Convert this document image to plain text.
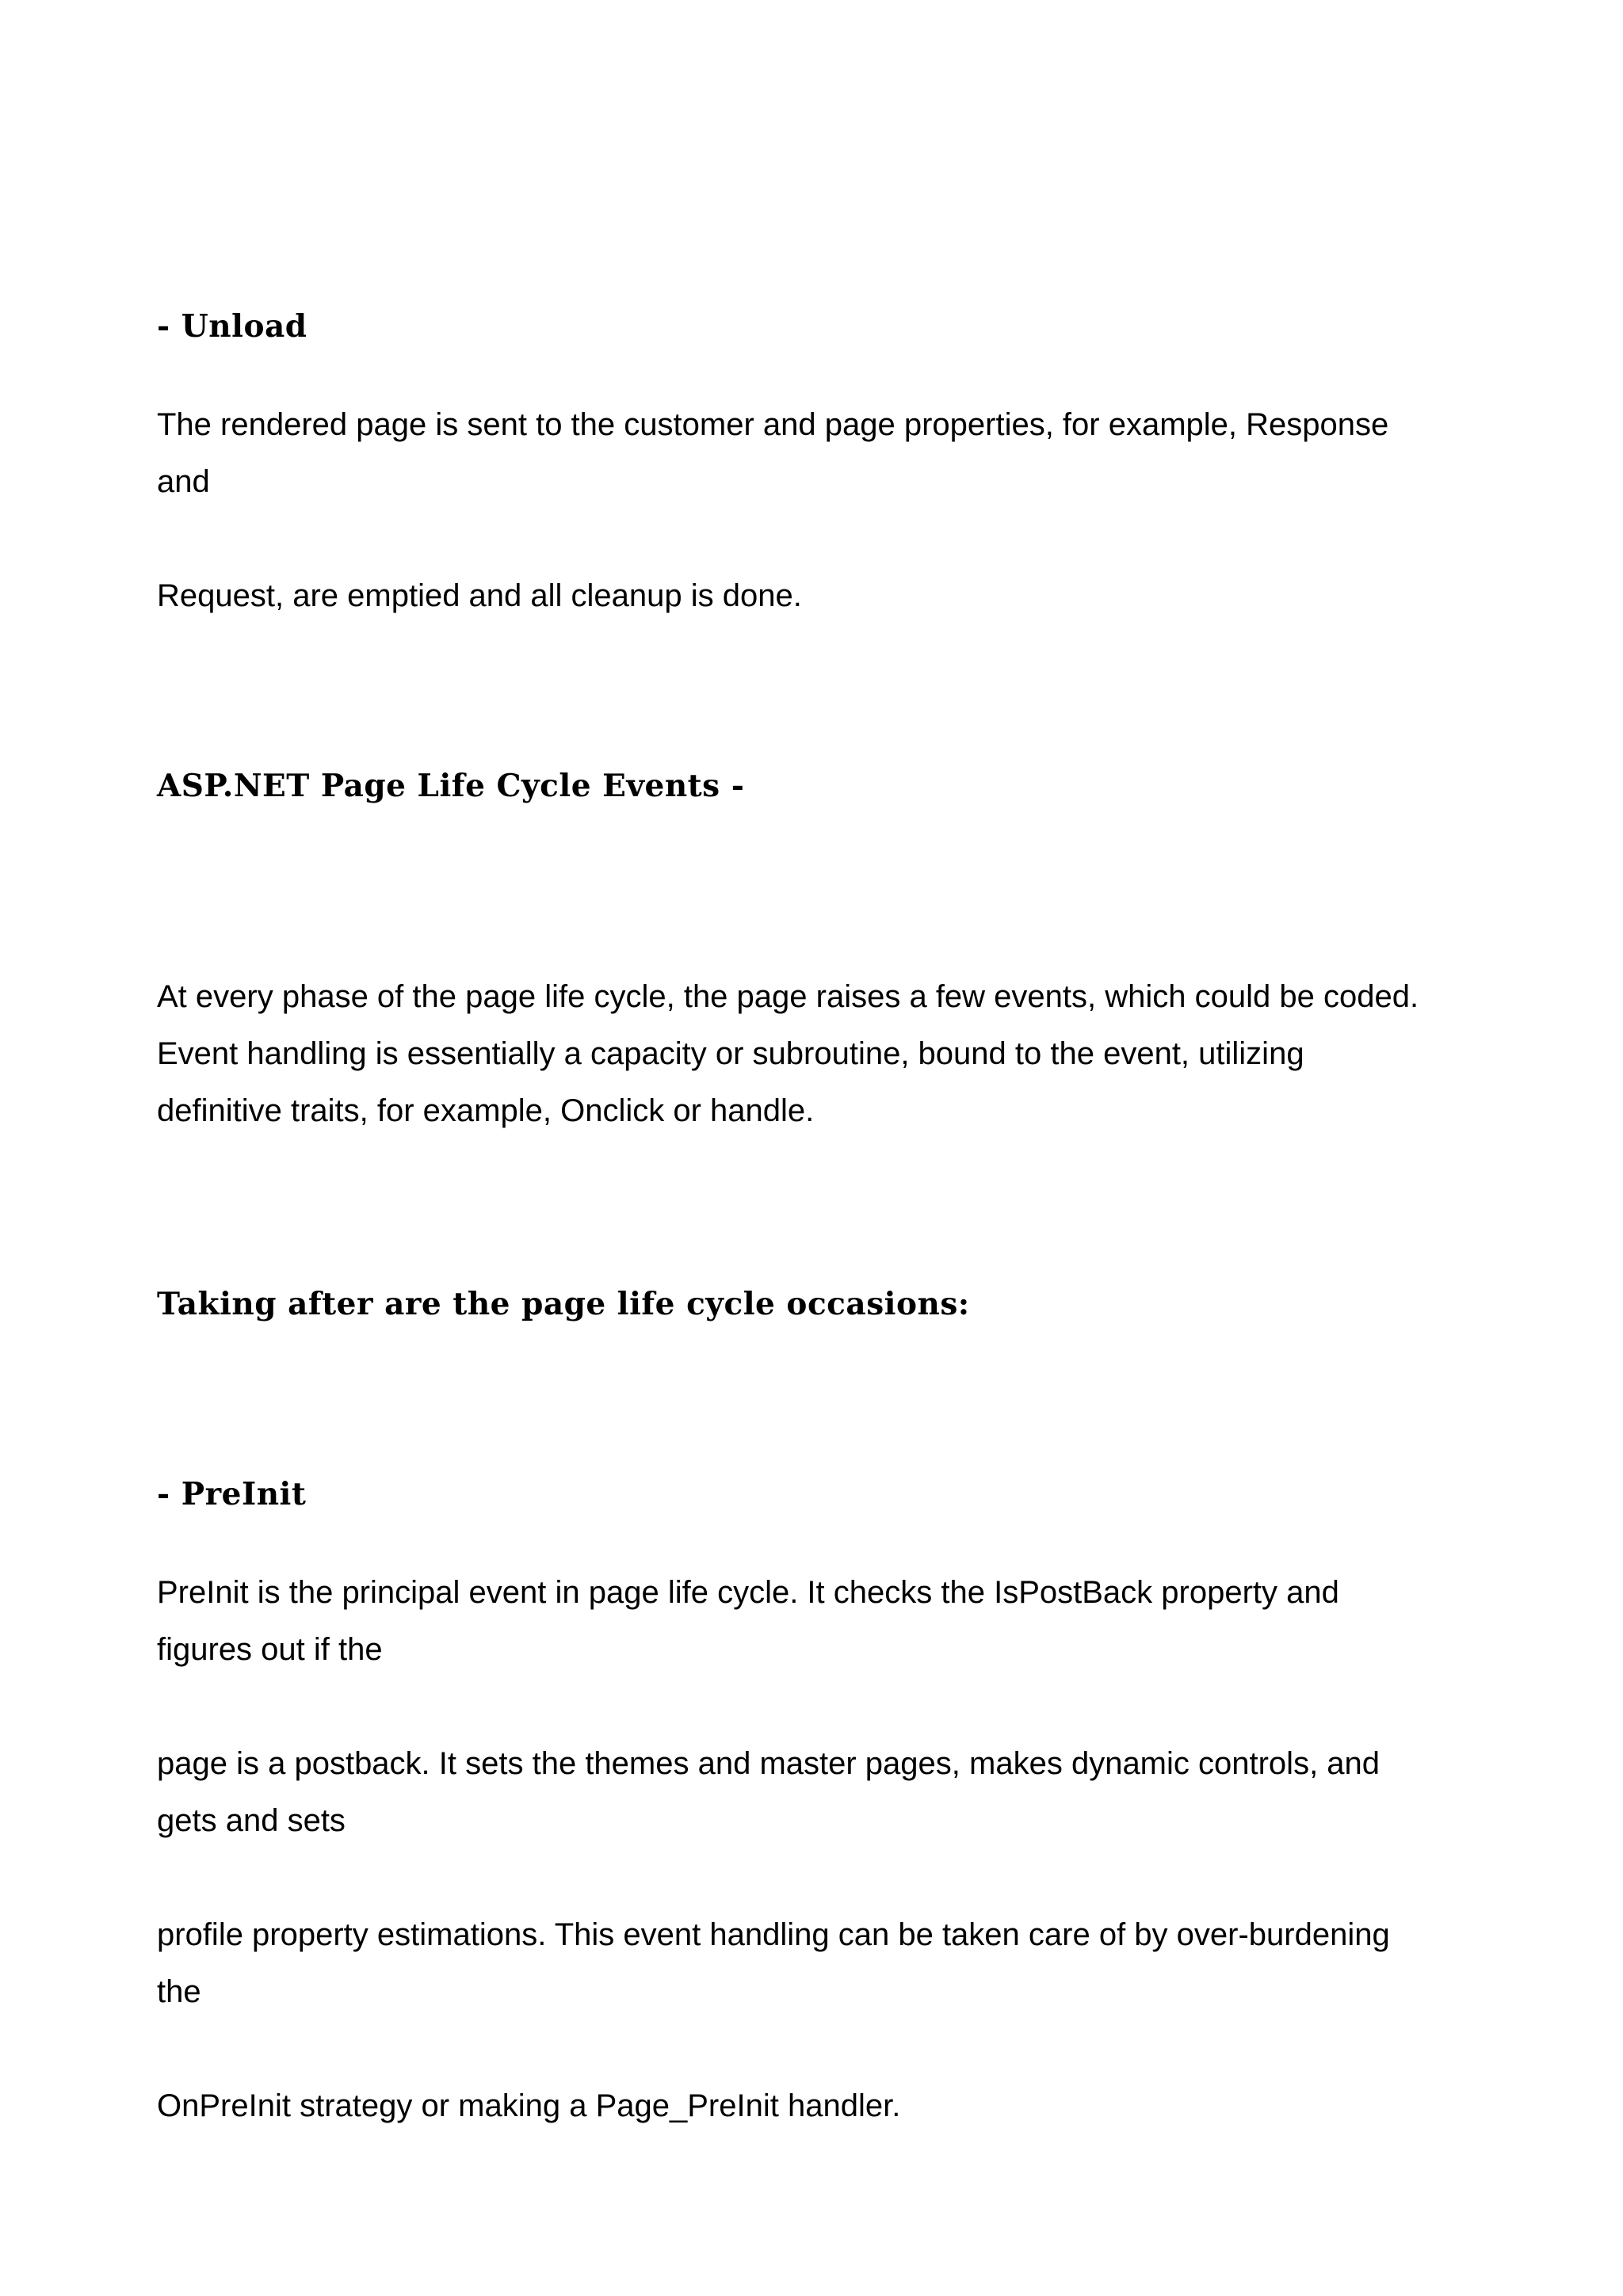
- Unload

The rendered page is sent to the customer and page properties, for example, Response
and

Request, are emptied and all cleanup is done.

ASP.NET Page Life Cycle Events -

At every phase of the page life cycle, the page raises a few events, which could be coded.
Event handling is essentially a capacity or subroutine, bound to the event, utilizing
definitive traits, for example, Onclick or handle.

Taking after are the page life cycle occasions:
- PreInit

PreInit is the principal event in page life cycle. It checks the IsPostBack property and
figures out if the

page is a postback. It sets the themes and master pages, makes dynamic controls, and
gets and sets

profile property estimations. This event handling can be taken care of by over-burdening
the

OnPreInit strategy or making a Page_PreInit handler.
